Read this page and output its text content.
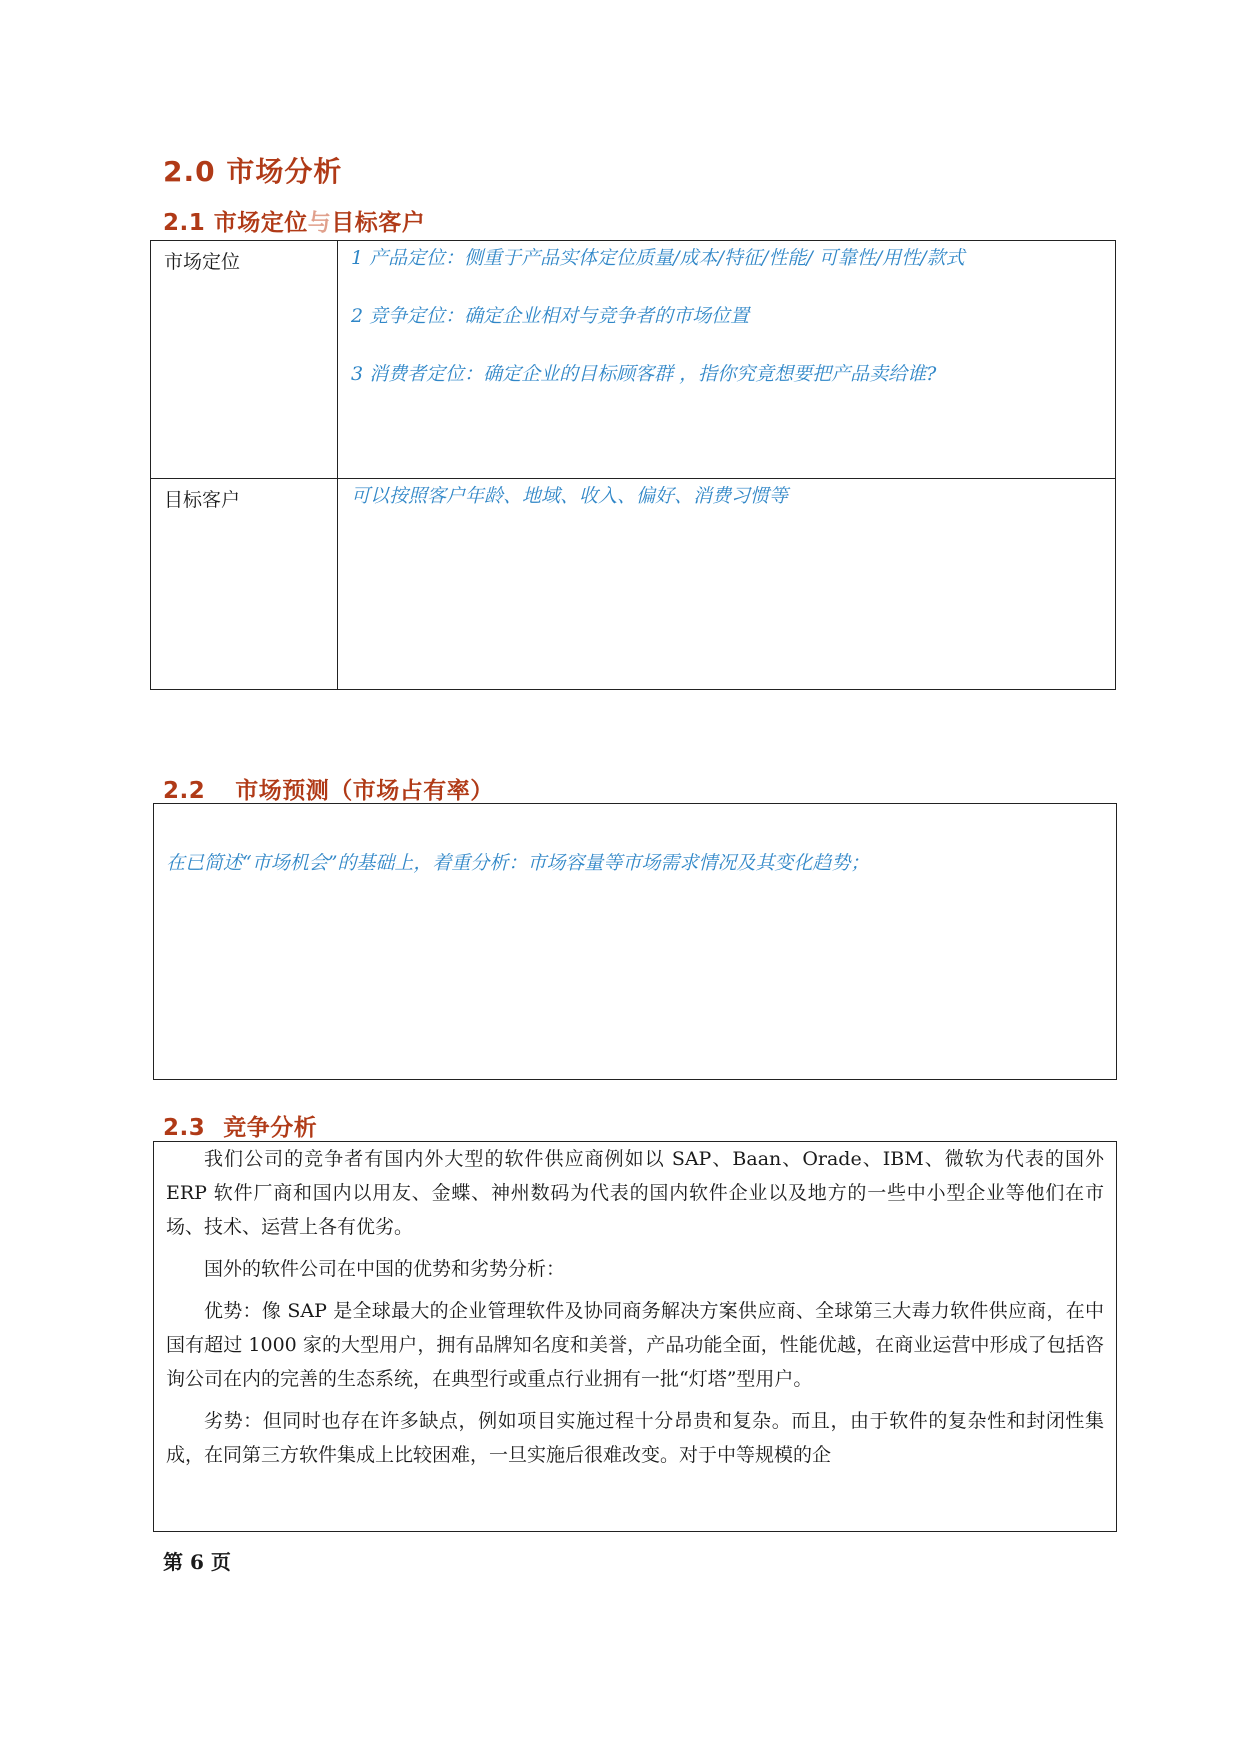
2.0 市场分析
2.1 市场定位与目标客户
市场定位	1 产品定位：侧重于产品实体定位质量/成本/特征/性能/ 可靠性/用性/款式

2 竞争定位：确定企业相对与竞争者的市场位置

3 消费者定位：确定企业的目标顾客群 ，指你究竟想要把产品卖给谁?

目标客户	可以按照客户年龄、地域、收入、偏好、消费习惯等

2.2 市场预测（市场占有率）
在已简述“市场机会”的基础上，着重分析：市场容量等市场需求情况及其变化趋势；
2.3 竞争分析

我们公司的竞争者有国内外大型的软件供应商例如以 SAP、Baan、Orade、IBM、微软为代表的国外 ERP 软件厂商和国内以用友、金蝶、神州数码为代表的国内软件企业以及地方的一些中小型企业等他们在市场、技术、运营上各有优劣。

国外的软件公司在中国的优势和劣势分析：

优势：像 SAP 是全球最大的企业管理软件及协同商务解决方案供应商、全球第三大毒力软件供应商，在中国有超过 1000 家的大型用户，拥有品牌知名度和美誉，产品功能全面，性能优越，在商业运营中形成了包括咨询公司在内的完善的生态系统，在典型行或重点行业拥有一批“灯塔”型用户。

劣势：但同时也存在许多缺点，例如项目实施过程十分昂贵和复杂。而且，由于软件的复杂性和封闭性集成，在同第三方软件集成上比较困难，一旦实施后很难改变。对于中等规模的企

第 6 页
